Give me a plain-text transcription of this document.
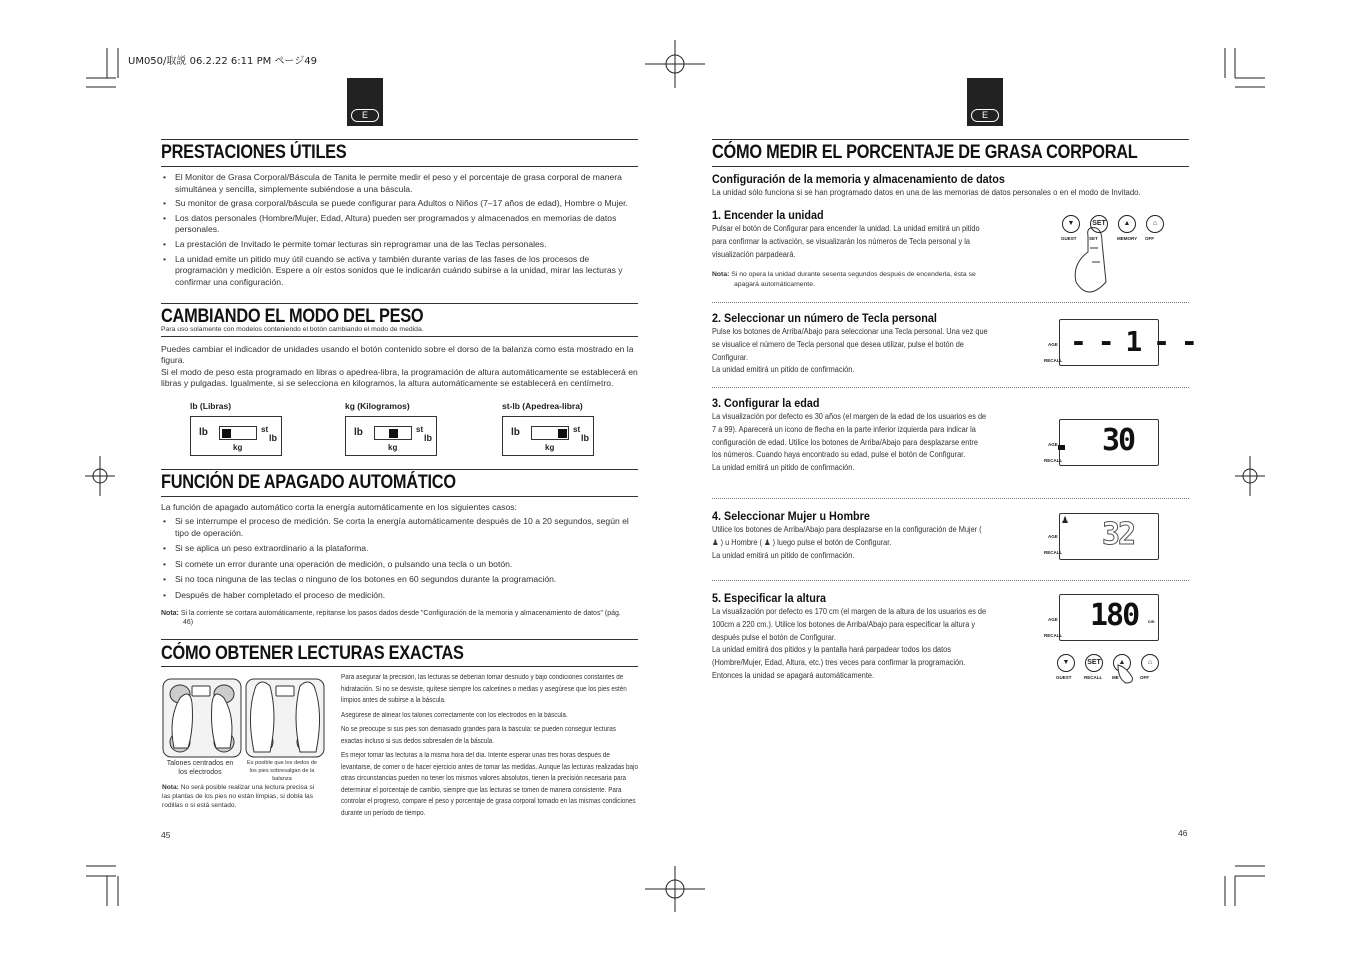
UM050/取説 06.2.22 6:11 PM ページ49
E
PRESTACIONES ÚTILES
• El Monitor de Grasa Corporal/Báscula de Tanita le permite medir el peso y el porcentaje de grasa corporal de manera simultánea y sencilla, simplemente subiéndose a una báscula.
• Su monitor de grasa corporal/báscula se puede configurar para Adultos o Niños (7–17 años de edad), Hombre o Mujer.
• Los datos personales (Hombre/Mujer, Edad, Altura) pueden ser programados y almacenados en memorias de datos personales.
• La prestación de Invitado le permite tomar lecturas sin reprogramar una de las Teclas personales.
• La unidad emite un pitido muy útil cuando se activa y también durante varias de las fases de los procesos de programación y medición. Espere a oír estos sonidos que le indicarán cuándo subirse a la unidad, mirar las lecturas y confirmar una configuración.
CAMBIANDO EL MODO DEL PESO
Para uso solamente con modelos conteniendo el botón cambiando el modo de medida.
Puedes cambiar el indicador de unidades usando el botón contenido sobre el dorso de la balanza como esta mostrado en la figura.
Si el modo de peso esta programado en libras o apedrea-libra, la programación de altura automáticamente se establecerá en libras y pulgadas. Igualmente, si se selecciona en kilogramos, la altura automáticamente se establecerá en centímetro.
lb (Libras)
lb
kg
st
lb
kg (Kilogramos)
lb
kg
st
lb
st-lb (Apedrea-libra)
lb
kg
st
lb
FUNCIÓN DE APAGADO AUTOMÁTICO
La función de apagado automático corta la energía automáticamente en los siguientes casos:
• Si se interrumpe el proceso de medición. Se corta la energía automáticamente después de 10 a 20 segundos, según el tipo de operación.
• Si se aplica un peso extraordinario a la plataforma.
• Si comete un error durante una operación de medición, o pulsando una tecla o un botón.
• Si no toca ninguna de las teclas o ninguno de los botones en 60 segundos durante la programación.
• Después de haber completado el proceso de medición.
Nota: Si la corriente se cortara automáticamente, repítanse los pasos dados desde "Configuración de la memoria y almacenamiento de datos" (pág. 46)
CÓMO OBTENER LECTURAS EXACTAS
Talones centrados en los electrodos
Es posible que los dedos de los pies sobresalgan de la balanza
Nota: No será posible realizar una lectura precisa si las plantas de los pies no están limpias, si dobla las rodillas o si está sentado.
Para asegurar la precisión, las lecturas se deberían tomar desnudo y bajo condiciones constantes de hidratación. Si no se desviste, quítese siempre los calcetines o medias y asegúrese que los pies estén limpios antes de subirse a la báscula.
Asegúrese de alinear los talones correctamente con los electrodos en la báscula.
No se preocupe si sus pies son demasiado grandes para la báscula: se pueden conseguir lecturas exactas incluso si sus dedos sobresalen de la báscula.
Es mejor tomar las lecturas a la misma hora del día. Intente esperar unas tres horas después de levantarse, de comer o de hacer ejercicio antes de tomar las medidas. Aunque las lecturas realizadas bajo otras circunstancias pueden no tener los mismos valores absolutos, tienen la precisión necesaria para determinar el porcentaje de cambio, siempre que las lecturas se tomen de manera consistente. Para controlar el progreso, compare el peso y porcentaje de grasa corporal tomado en las mismas condiciones durante un período de tiempo.
45
E
CÓMO MEDIR EL PORCENTAJE DE GRASA CORPORAL
Configuración de la memoria y almacenamiento de datos
La unidad sólo funciona si se han programado datos en una de las memorias de datos personales o en el modo de Invitado.
1. Encender la unidad
Pulsar el botón de Configurar para encender la unidad. La unidad emitirá un pitido para confirmar la activación, se visualizarán los números de Tecla personal y la visualización parpadeará.
2. Seleccionar un número de Tecla personal
Pulse los botones de Arriba/Abajo para seleccionar una Tecla personal. Una vez que se visualice el número de Tecla personal que desea utilizar, pulse el botón de Configurar.
La unidad emitirá un pitido de confirmación.
3. Configurar la edad
La visualización por defecto es 30 años (el margen de la edad de los usuarios es de 7 a 99). Aparecerá un icono de flecha en la parte inferior izquierda para indicar la configuración de edad. Utilice los botones de Arriba/Abajo para desplazarse entre los números. Cuando haya encontrado su edad, pulse el botón de Configurar.
La unidad emitirá un pitido de confirmación.
4. Seleccionar Mujer u Hombre
Utilice los botones de Arriba/Abajo para desplazarse en la configuración de Mujer ( ♟ ) u Hombre ( ♟ ) luego pulse el botón de Configurar.
La unidad emitirá un pitido de confirmación.
5. Especificar la altura
La visualización por defecto es 170 cm (el margen de la altura de los usuarios es de 100cm a 220 cm.). Utilice los botones de Arriba/Abajo para especificar la altura y después pulse el botón de Configurar.
La unidad emitirá dos pitidos y la pantalla hará parpadear todos los datos (Hombre/Mujer, Edad, Altura, etc.) tres veces para confirmar la programación. Entonces la unidad se apagará automáticamente.
▼
GUEST
SET
SET
▲
MEMORY
⌂
OFF
Nota: Si no opera la unidad durante sesenta segundos después de encenderla, ésta se apagará automáticamente.
- - 1 - -
30
32
180 cm
AGE
RECALL
AGE
RECALL
AGE
RECALL
AGE
RECALL
♟
▼
GUEST
SET
RECALL
▲
ME
⌂
OFF
46
